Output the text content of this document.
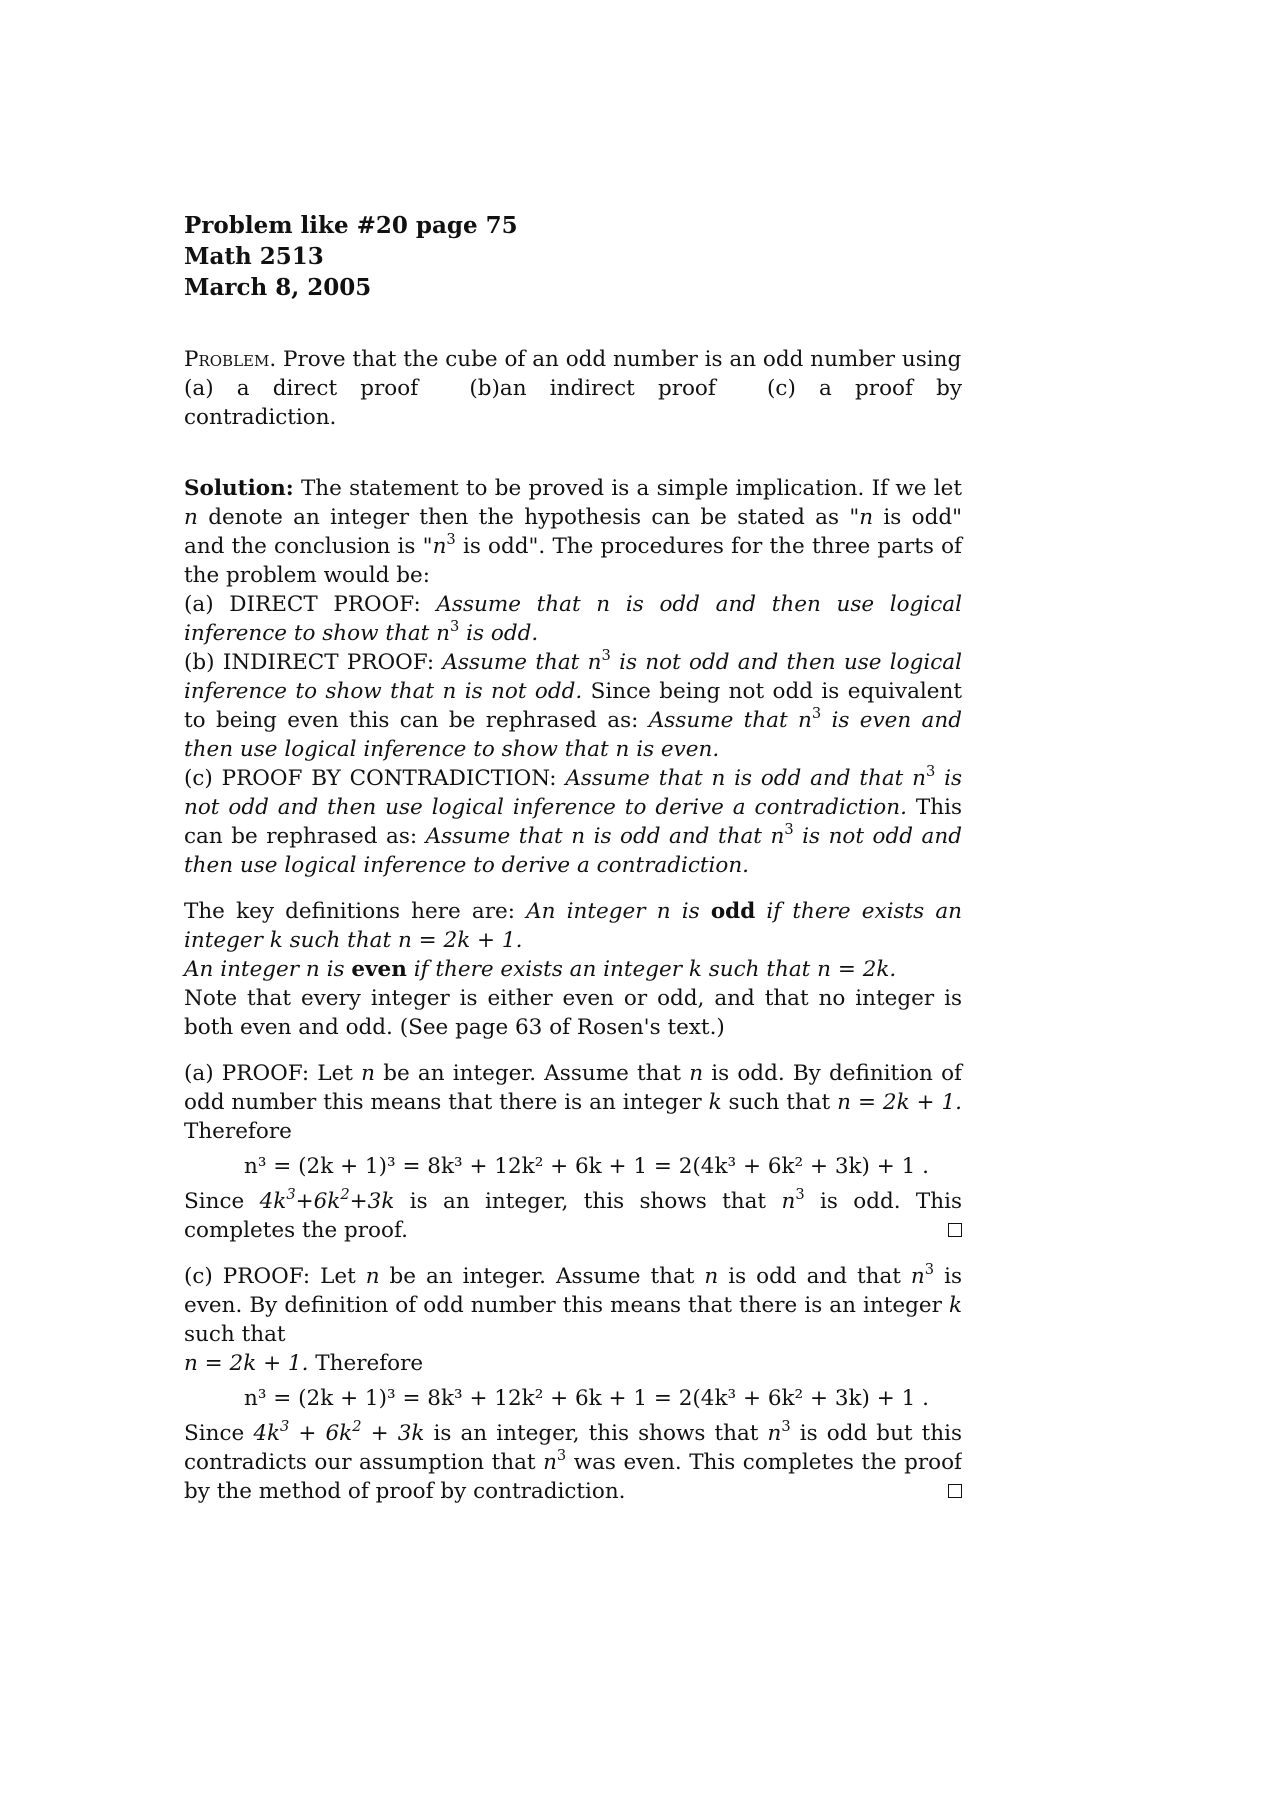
Problem like #20 page 75
Math 2513
March 8, 2005
Problem. Prove that the cube of an odd number is an odd number using
(a) a direct proof (b)an indirect proof (c) a proof by contradiction.
Solution: The statement to be proved is a simple implication. If we let n denote an integer then the hypothesis can be stated as "n is odd" and the conclusion is "$n^3$ is odd". The procedures for the three parts of the problem would be:
(a) DIRECT PROOF: Assume that n is odd and then use logical inference to show that $n^3$ is odd.
(b) INDIRECT PROOF: Assume that $n^3$ is not odd and then use logical inference to show that n is not odd. Since being not odd is equivalent to being even this can be rephrased as: Assume that $n^3$ is even and then use logical inference to show that n is even.
(c) PROOF BY CONTRADICTION: Assume that n is odd and that $n^3$ is not odd and then use logical inference to derive a contradiction. This can be rephrased as: Assume that n is odd and that $n^3$ is not odd and then use logical inference to derive a contradiction.
The key definitions here are: An integer n is odd if there exists an integer k such that n = 2k + 1.
An integer n is even if there exists an integer k such that n = 2k.
Note that every integer is either even or odd, and that no integer is both even and odd. (See page 63 of Rosen's text.)
(a) PROOF: Let n be an integer. Assume that n is odd. By definition of odd number this means that there is an integer k such that n = 2k + 1. Therefore
n³ = (2k + 1)³ = 8k³ + 12k² + 6k + 1 = 2(4k³ + 6k² + 3k) + 1 .
Since $4k^3+6k^2+3k$ is an integer, this shows that $n^3$ is odd. This completes the proof.
(c) PROOF: Let n be an integer. Assume that n is odd and that $n^3$ is even. By definition of odd number this means that there is an integer k such that
n = 2k + 1. Therefore
n³ = (2k + 1)³ = 8k³ + 12k² + 6k + 1 = 2(4k³ + 6k² + 3k) + 1 .
Since $4k^3 + 6k^2 + 3k$ is an integer, this shows that $n^3$ is odd but this contradicts our assumption that $n^3$ was even. This completes the proof by the method of proof by contradiction.
